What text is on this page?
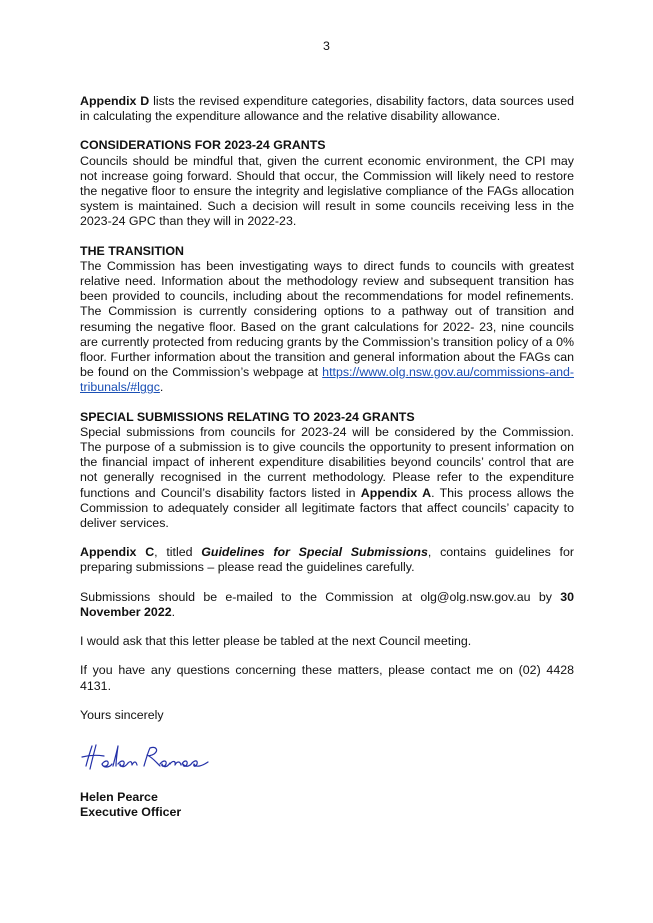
3

Appendix D lists the revised expenditure categories, disability factors, data sources used in calculating the expenditure allowance and the relative disability allowance.

CONSIDERATIONS FOR 2023-24 GRANTS

Councils should be mindful that, given the current economic environment, the CPI may not increase going forward. Should that occur, the Commission will likely need to restore the negative floor to ensure the integrity and legislative compliance of the FAGs allocation system is maintained. Such a decision will result in some councils receiving less in the 2023-24 GPC than they will in 2022-23.

THE TRANSITION

The Commission has been investigating ways to direct funds to councils with greatest relative need. Information about the methodology review and subsequent transition has been provided to councils, including about the recommendations for model refinements. The Commission is currently considering options to a pathway out of transition and resuming the negative floor. Based on the grant calculations for 2022- 23, nine councils are currently protected from reducing grants by the Commission’s transition policy of a 0% floor. Further information about the transition and general information about the FAGs can be found on the Commission’s webpage at https://www.olg.nsw.gov.au/commissions-and-tribunals/#lggc.

SPECIAL SUBMISSIONS RELATING TO 2023-24 GRANTS

Special submissions from councils for 2023-24 will be considered by the Commission. The purpose of a submission is to give councils the opportunity to present information on the financial impact of inherent expenditure disabilities beyond councils’ control that are not generally recognised in the current methodology. Please refer to the expenditure functions and Council’s disability factors listed in Appendix A. This process allows the Commission to adequately consider all legitimate factors that affect councils’ capacity to deliver services.

Appendix C, titled Guidelines for Special Submissions, contains guidelines for preparing submissions – please read the guidelines carefully.

Submissions should be e-mailed to the Commission at olg@olg.nsw.gov.au by 30 November 2022.

I would ask that this letter please be tabled at the next Council meeting.

If you have any questions concerning these matters, please contact me on (02) 4428 4131.

Yours sincerely

Helen Pearce
Executive Officer
